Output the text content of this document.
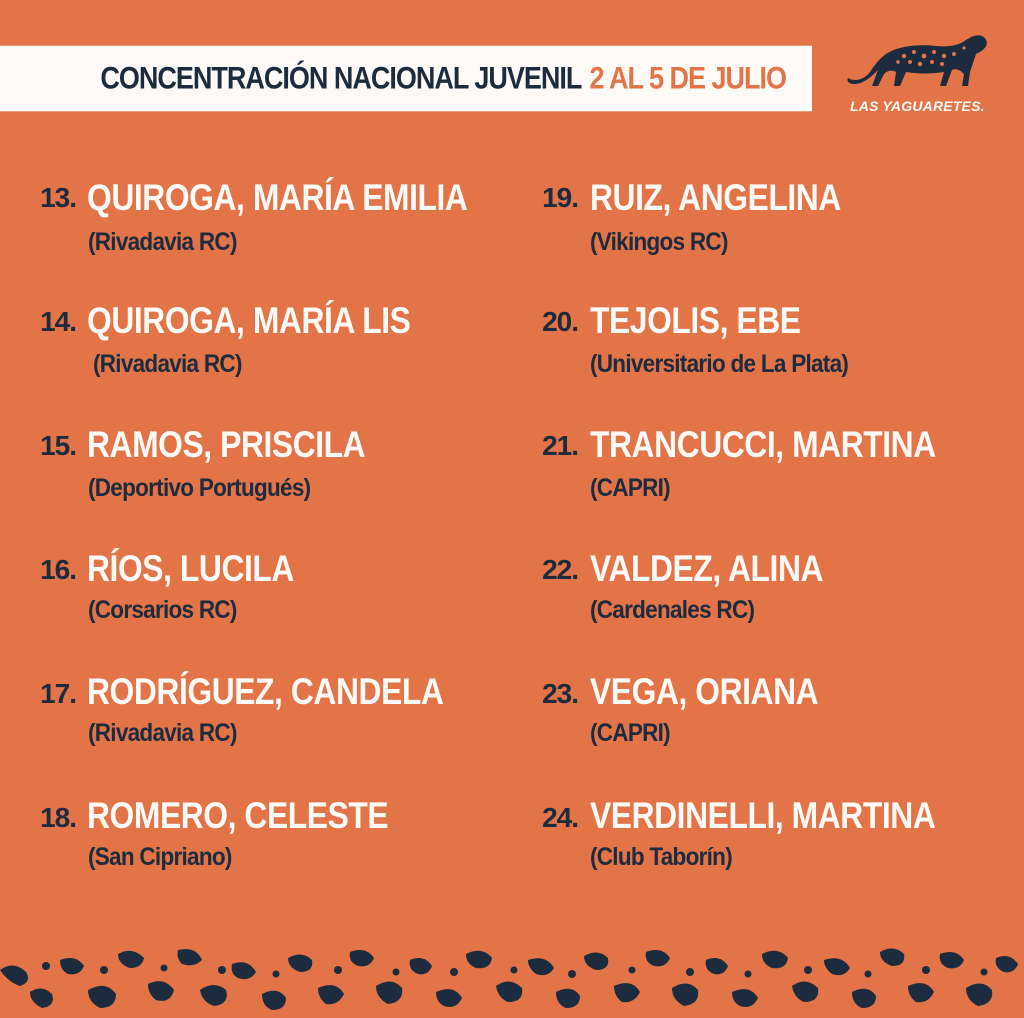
CONCENTRACIÓN NACIONAL JUVENIL 2 AL 5 DE JULIO
LAS YAGUARETES.
13. QUIROGA, MARÍA EMILIA
(Rivadavia RC)
14. QUIROGA, MARÍA LIS
(Rivadavia RC)
15. RAMOS, PRISCILA
(Deportivo Portugués)
16. RÍOS, LUCILA
(Corsarios RC)
17. RODRÍGUEZ, CANDELA
(Rivadavia RC)
18. ROMERO, CELESTE
(San Cipriano)
19. RUIZ, ANGELINA
(Vikingos RC)
20. TEJOLIS, EBE
(Universitario de La Plata)
21. TRANCUCCI, MARTINA
(CAPRI)
22. VALDEZ, ALINA
(Cardenales RC)
23. VEGA, ORIANA
(CAPRI)
24. VERDINELLI, MARTINA
(Club Taborín)
